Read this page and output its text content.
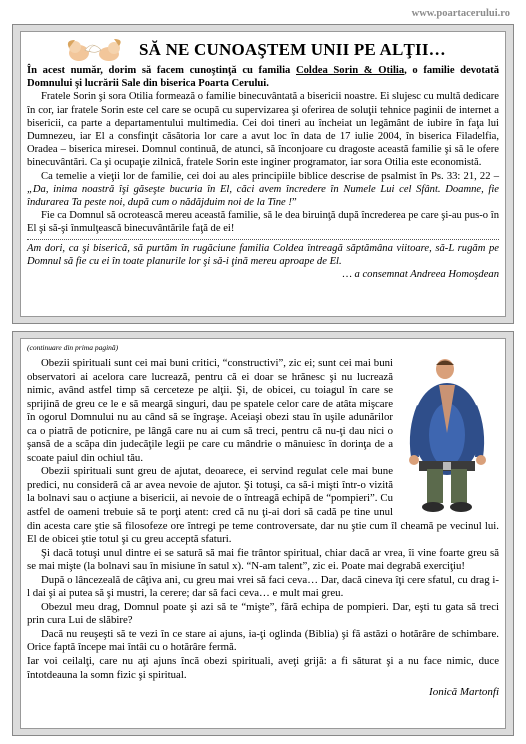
www.poartacerului.ro
SĂ NE CUNOAŞTEM UNII PE ALŢII…

În acest număr, dorim să facem cunoştinţă cu familia Coldea Sorin & Otilia, o familie devotată Domnului şi lucrării Sale din biserica Poarta Cerului.

Fratele Sorin şi sora Otilia formează o familie binecuvântată a bisericii noastre. Ei slujesc cu multă dedicare în cor, iar fratele Sorin este cel care se ocupă cu supervizarea şi oferirea de soluţii tehnice paginii de internet a bisericii, ca parte a departamentului multimedia. Cei doi tineri au încheiat un legământ de iubire în faţa lui Dumnezeu, iar El a consfinţit căsătoria lor care a avut loc în data de 17 iulie 2004, în biserica Filadelfia, Oradea – biserica miresei. Domnul continuă, de atunci, să înconjoare cu dragoste această familie şi să le ofere binecuvântări. Ca şi ocupaţie zilnică, fratele Sorin este inginer programator, iar sora Otilia este economistă.

Ca temelie a vieţii lor de familie, cei doi au ales principiile biblice descrise de psalmist în Ps. 33: 21, 22 – „Da, inima noastră îşi găseşte bucuria în El, căci avem încredere în Numele Lui cel Sfânt. Doamne, fie îndurarea Ta peste noi, după cum o nădăjduim noi de la Tine !”

Fie ca Domnul să ocrotească mereu această familie, să le dea biruinţă după încrederea pe care şi-au pus-o în El şi să-şi înmulţească binecuvântările faţă de ei!

Am dori, ca şi biserică, să purtăm în rugăciune familia Coldea întreagă săptămâna viitoare, să-L rugăm pe Domnul să fie cu ei în toate planurile lor şi să-i ţină mereu aproape de El.

… a consemnat Andreea Homoşdean
(continuare din prima pagină)

Obezii spirituali sunt cei mai buni critici, “constructivi”, zic ei; sunt cei mai buni observatori ai acelora care lucrează, pentru că ei doar se hrănesc şi nu lucrează nimic, având astfel timp să cerceteze pe alţii. Şi, de obicei, cu toiagul în care se sprijină de greu ce le e să meargă singuri, dau pe spatele celor care de atâta mişcare în ogorul Domnului nu au când să se îngraşe. Aceiaşi obezi stau în uşile adunărilor ca o piatră de poticnire, pe lângă care nu ai cum să treci, pentru că nu-ţi dau nici o şansă de a scăpa din judecăţile legii pe care cu mândrie o mânuiesc în dorinţa de a scoate paiul din ochiul tău.

Obezii spirituali sunt greu de ajutat, deoarece, ei servind regulat cele mai bune predici, nu consideră că ar avea nevoie de ajutor. Şi totuşi, ca să-i mişti într-o vizită la bolnavi sau o acţiune a bisericii, ai nevoie de o întreagă echipă de “pompieri”. Cu astfel de oameni trebuie să te porţi atent: cred că nu ţi-ai dori să cadă pe tine unul din acesta care ştie să filosofeze ore întregi pe teme controversate, dar nu ştie cum îl cheamă pe vecinul lui. El de obicei ştie totul şi cu greu acceptă sfaturi.

Şi dacă totuşi unul dintre ei se satură să mai fie trântor spiritual, chiar dacă ar vrea, îi vine foarte greu să se mai mişte (la bolnavi sau în misiune în satul x). “N-am talent”, zic ei. Poate mai degrabă exerciţiu!

După o lâncezeală de câţiva ani, cu greu mai vrei să faci ceva… Dar, dacă cineva îţi cere sfatul, cu drag i-l dai şi ai putea să şi mustri, la cerere; dar să faci ceva… e mult mai greu.

Obezul meu drag, Domnul poate şi azi să te “mişte”, fără echipa de pompieri. Dar, eşti tu gata să treci prin cura Lui de slăbire?

Dacă nu reuşeşti să te vezi în ce stare ai ajuns, ia-ţi oglinda (Biblia) şi fă astăzi o hotărâre de schimbare. Orice faptă începe mai întâi cu o hotărâre fermă.

Iar voi ceilalţi, care nu aţi ajuns încă obezi spirituali, aveţi grijă: a fi săturat şi a nu face nimic, duce întotdeauna la somn fizic şi spiritual.

Ionică Martonfi
